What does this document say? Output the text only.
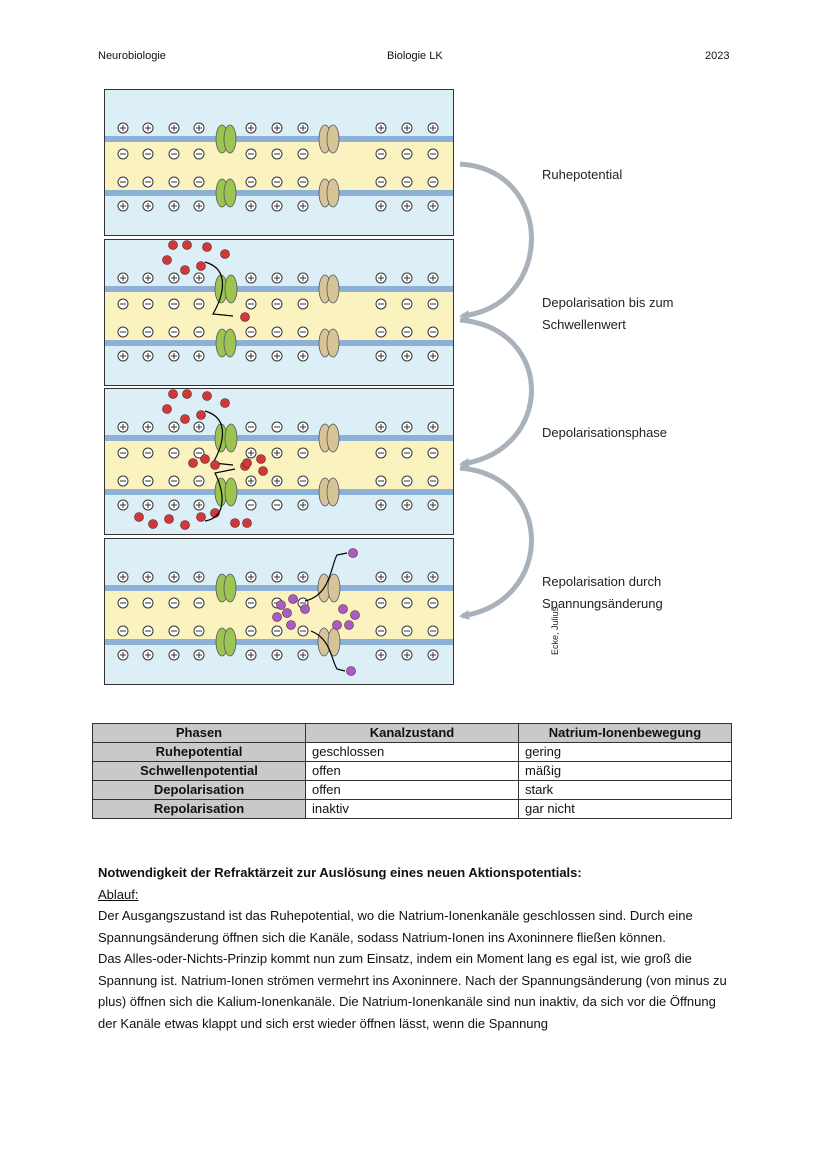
Neurobiologie	Biologie LK	2023
Ruhepotential
Depolarisation bis zum
Schwellenwert
Depolarisationsphase
Repolarisation durch
Spannungsänderung
Ecke, Julius
Phasen	Kanalzustand	Natrium-Ionenbewegung
Ruhepotential	geschlossen	gering
Schwellenpotential	offen	mäßig
Depolarisation	offen	stark
Repolarisation	inaktiv	gar nicht

Notwendigkeit der Refraktärzeit zur Auslösung eines neuen Aktionspotentials:

Ablauf:

Der Ausgangszustand ist das Ruhepotential, wo die Natrium-Ionenkanäle geschlossen sind. Durch eine Spannungsänderung öffnen sich die Kanäle, sodass Natrium-Ionen ins Axoninnere fließen können.

Das Alles-oder-Nichts-Prinzip kommt nun zum Einsatz, indem ein Moment lang es egal ist, wie groß die Spannung ist. Natrium-Ionen strömen vermehrt ins Axoninnere. Nach der Spannungsänderung (von minus zu plus) öffnen sich die Kalium-Ionenkanäle. Die Natrium-Ionenkanäle sind nun inaktiv, da sich vor die Öffnung der Kanäle etwas klappt und sich erst wieder öffnen lässt, wenn die Spannung
